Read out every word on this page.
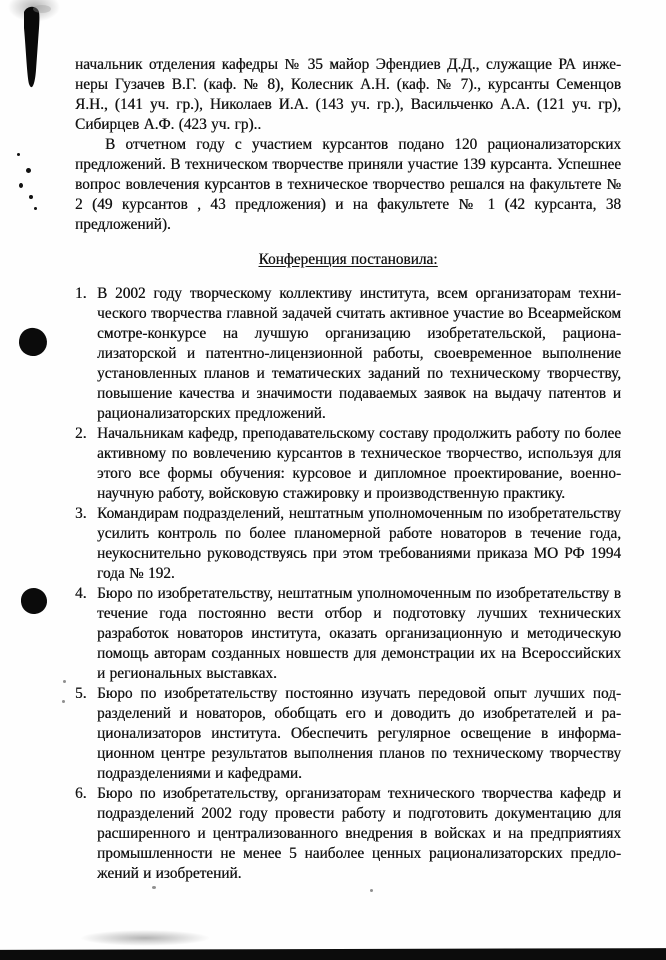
начальник отделения кафедры № 35 майор Эфендиев Д.Д., служащие РА инженеры Гузачев В.Г. (каф. № 8), Колесник А.Н. (каф. № 7)., курсанты Семенцов Я.Н., (141 уч. гр.), Николаев И.А. (143 уч. гр.), Васильченко А.А. (121 уч. гр), Сибирцев А.Ф. (423 уч. гр)..

В отчетном году с участием курсантов подано 120 рационализаторских предложений. В техническом творчестве приняли участие 139 курсанта. Успешнее вопрос вовлечения курсантов в техническое творчество решался на факультете № 2 (49 курсантов , 43 предложения) и на факультете № 1 (42 курсанта, 38 предложений).

Конференция постановила:

1. В 2002 году творческому коллективу института, всем организаторам технического творчества главной задачей считать активное участие во Всеармейском смотре-конкурсе на лучшую организацию изобретательской, рационализаторской и патентно-лицензионной работы, своевременное выполнение установленных планов и тематических заданий по техническому творчеству, повышение качества и значимости подаваемых заявок на выдачу патентов и рационализаторских предложений.
2. Начальникам кафедр, преподавательскому составу продолжить работу по более активному по вовлечению курсантов в техническое творчество, используя для этого все формы обучения: курсовое и дипломное проектирование, военно-научную работу, войсковую стажировку и производственную практику.
3. Командирам подразделений, нештатным уполномоченным по изобретательству усилить контроль по более планомерной работе новаторов в течение года, неукоснительно руководствуясь при этом требованиями приказа МО РФ 1994 года № 192.
4. Бюро по изобретательству, нештатным уполномоченным по изобретательству в течение года постоянно вести отбор и подготовку лучших технических разработок новаторов института, оказать организационную и методическую помощь авторам созданных новшеств для демонстрации их на Всероссийских и региональных выставках.
5. Бюро по изобретательству постоянно изучать передовой опыт лучших подразделений и новаторов, обобщать его и доводить до изобретателей и рационализаторов института. Обеспечить регулярное освещение в информационном центре результатов выполнения планов по техническому творчеству подразделениями и кафедрами.
6. Бюро по изобретательству, организаторам технического творчества кафедр и подразделений 2002 году провести работу и подготовить документацию для расширенного и централизованного внедрения в войсках и на предприятиях промышленности не менее 5 наиболее ценных рационализаторских предложений и изобретений.
